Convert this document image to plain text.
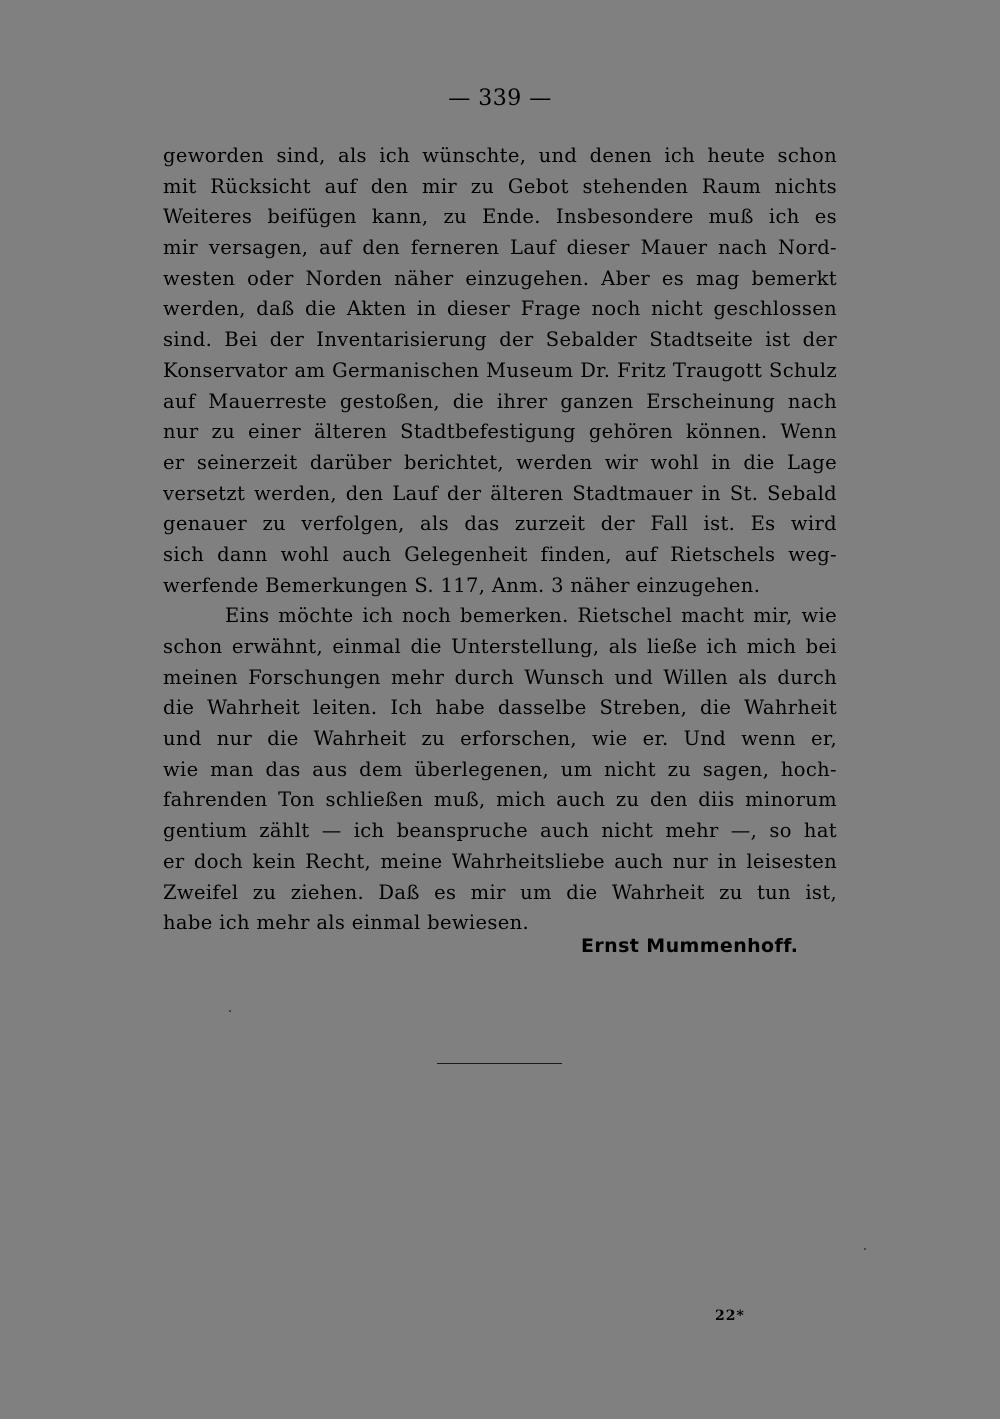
— 339 —
geworden sind, als ich wünschte, und denen ich heute schon
mit Rücksicht auf den mir zu Gebot stehenden Raum nichts
Weiteres beifügen kann, zu Ende. Insbesondere muß ich es
mir versagen, auf den ferneren Lauf dieser Mauer nach Nord-
westen oder Norden näher einzugehen. Aber es mag bemerkt
werden, daß die Akten in dieser Frage noch nicht geschlossen
sind. Bei der Inventarisierung der Sebalder Stadtseite ist der
Konservator am Germanischen Museum Dr. Fritz Traugott Schulz
auf Mauerreste gestoßen, die ihrer ganzen Erscheinung nach
nur zu einer älteren Stadtbefestigung gehören können. Wenn
er seinerzeit darüber berichtet, werden wir wohl in die Lage
versetzt werden, den Lauf der älteren Stadtmauer in St. Sebald
genauer zu verfolgen, als das zurzeit der Fall ist. Es wird
sich dann wohl auch Gelegenheit finden, auf Rietschels weg-
werfende Bemerkungen S. 117, Anm. 3 näher einzugehen.
Eins möchte ich noch bemerken. Rietschel macht mir, wie
schon erwähnt, einmal die Unterstellung, als ließe ich mich bei
meinen Forschungen mehr durch Wunsch und Willen als durch
die Wahrheit leiten. Ich habe dasselbe Streben, die Wahrheit
und nur die Wahrheit zu erforschen, wie er. Und wenn er,
wie man das aus dem überlegenen, um nicht zu sagen, hoch-
fahrenden Ton schließen muß, mich auch zu den diis minorum
gentium zählt — ich beanspruche auch nicht mehr —, so hat
er doch kein Recht, meine Wahrheitsliebe auch nur in leisesten
Zweifel zu ziehen. Daß es mir um die Wahrheit zu tun ist,
habe ich mehr als einmal bewiesen.
Ernst Mummenhoff.
22*
